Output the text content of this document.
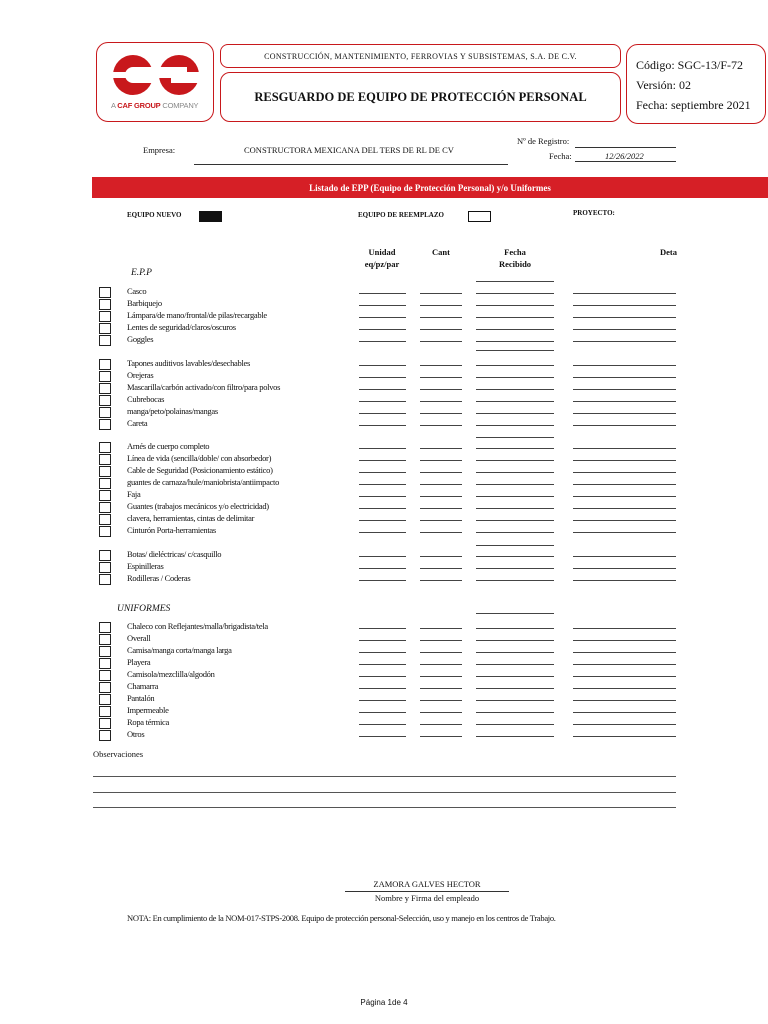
A CAF GROUP COMPANY
CONSTRUCCIÓN, MANTENIMIENTO, FERROVIAS Y SUBSISTEMAS, S.A. DE C.V.
RESGUARDO DE EQUIPO DE PROTECCIÓN PERSONAL
Código: SGC-13/F-72
Versión: 02
Fecha: septiembre 2021
Empresa:	CONSTRUCTORA MEXICANA DEL TERS DE RL DE CV
Nº de Registro:
Fecha:	12/26/2022
Listado de EPP (Equipo de Protección Personal) y/o Uniformes
EQUIPO NUEVO	EQUIPO DE REEMPLAZO	PROYECTO:
Unidad
eq/pz/par
Cant	Fecha
Recibido
Deta
E.P.P
UNIFORMES
Casco
Barbiquejo
Lámpara/de mano/frontal/de pilas/recargable
Lentes de seguridad/claros/oscuros
Goggles
Tapones auditivos lavables/desechables
Orejeras
Mascarilla/carbón activado/con filtro/para polvos
Cubrebocas
manga/peto/polainas/mangas
Careta
Arnés de cuerpo completo
Línea de vida (sencilla/doble/ con absorbedor)
Cable de Seguridad (Posicionamiento estático)
guantes de carnaza/hule/maniobrista/antiimpacto
Faja
Guantes (trabajos mecánicos y/o electricidad)
clavera, herramientas, cintas de delimitar
Cinturón Porta-herramientas
Botas/ dieléctricas/ c/casquillo
Espinilleras
Rodilleras / Coderas
Chaleco con Reflejantes/malla/brigadista/tela
Overall
Camisa/manga corta/manga larga
Playera
Camisola/mezclilla/algodón
Chamarra
Pantalón
Impermeable
Ropa térmica
Otros
Observaciones
ZAMORA GALVES HECTOR
Nombre y Firma del empleado
NOTA: En cumplimiento de la NOM-017-STPS-2008. Equipo de protección personal-Selección, uso y manejo en los centros de Trabajo.
Página 1de 4
